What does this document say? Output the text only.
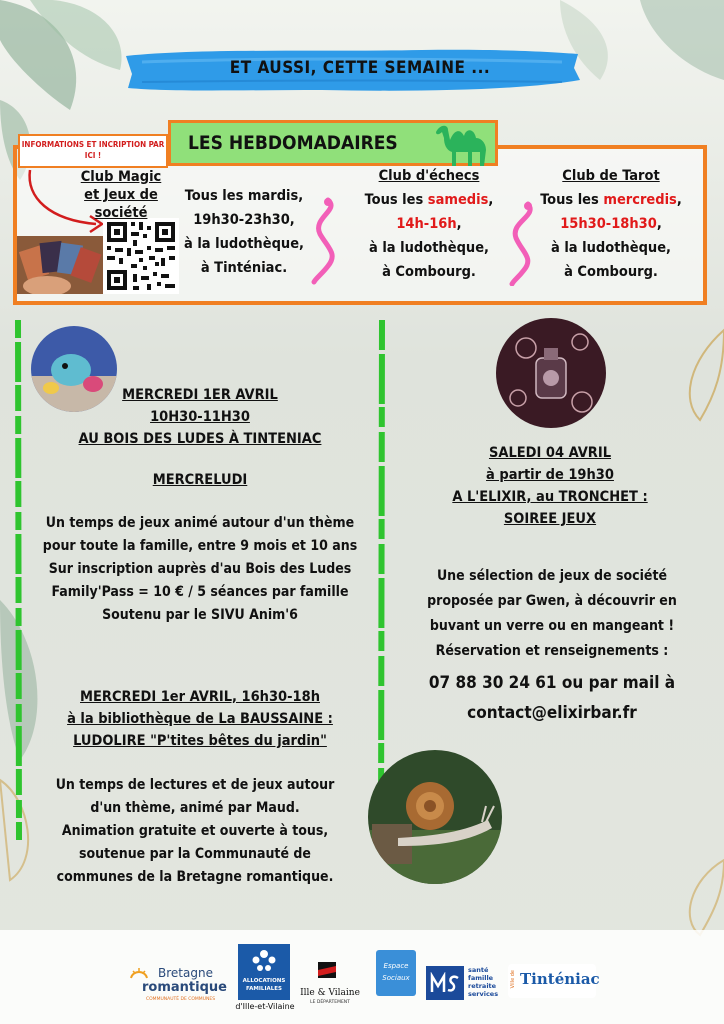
ET AUSSI, CETTE SEMAINE ...
LES HEBDOMADAIRES
INFORMATIONS ET INCRIPTION PAR ICI !
Club Magic
et Jeux de société
Tous les mardis,
19h30-23h30,
à la ludothèque,
à Tinténiac.
Club d'échecs
Tous les samedis,
14h-16h,
à la ludothèque,
à Combourg.
Club de Tarot
Tous les mercredis,
15h30-18h30,
à la ludothèque,
à Combourg.
MERCREDI 1ER AVRIL
10H30-11H30
AU BOIS DES LUDES À TINTENIAC
MERCRELUDI
Un temps de jeux animé autour d'un thème
pour toute la famille, entre 9 mois et 10 ans
Sur inscription auprès d'au Bois des Ludes
Family'Pass = 10 € / 5 séances par famille
Soutenu par le SIVU Anim'6
MERCREDI 1er AVRIL, 16h30-18h
à la bibliothèque de La BAUSSAINE :
LUDOLIRE "P'tites bêtes du jardin"
Un temps de lectures et de jeux autour
d'un thème, animé par Maud.
Animation gratuite et ouverte à tous,
soutenue par la Communauté de
communes de la Bretagne romantique.
SALEDI 04 AVRIL
à partir de 19h30
A L'ELIXIR, au TRONCHET :
SOIREE JEUX
Une sélection de jeux de société
proposée par Gwen, à découvrir en
buvant un verre ou en mangeant !
Réservation et renseignements :
07 88 30 24 61 ou par mail à
contact@elixirbar.fr
Bretagne
romantique
COMMUNAUTÉ DE COMMUNES
ALLOCATIONS
FAMILIALES
d'Ille-et-Vilaine
Ille & Vilaine
LE DÉPARTEMENT
Espace
Sociaux
santé
famille
retraite
services
Ville de Tinténiac
